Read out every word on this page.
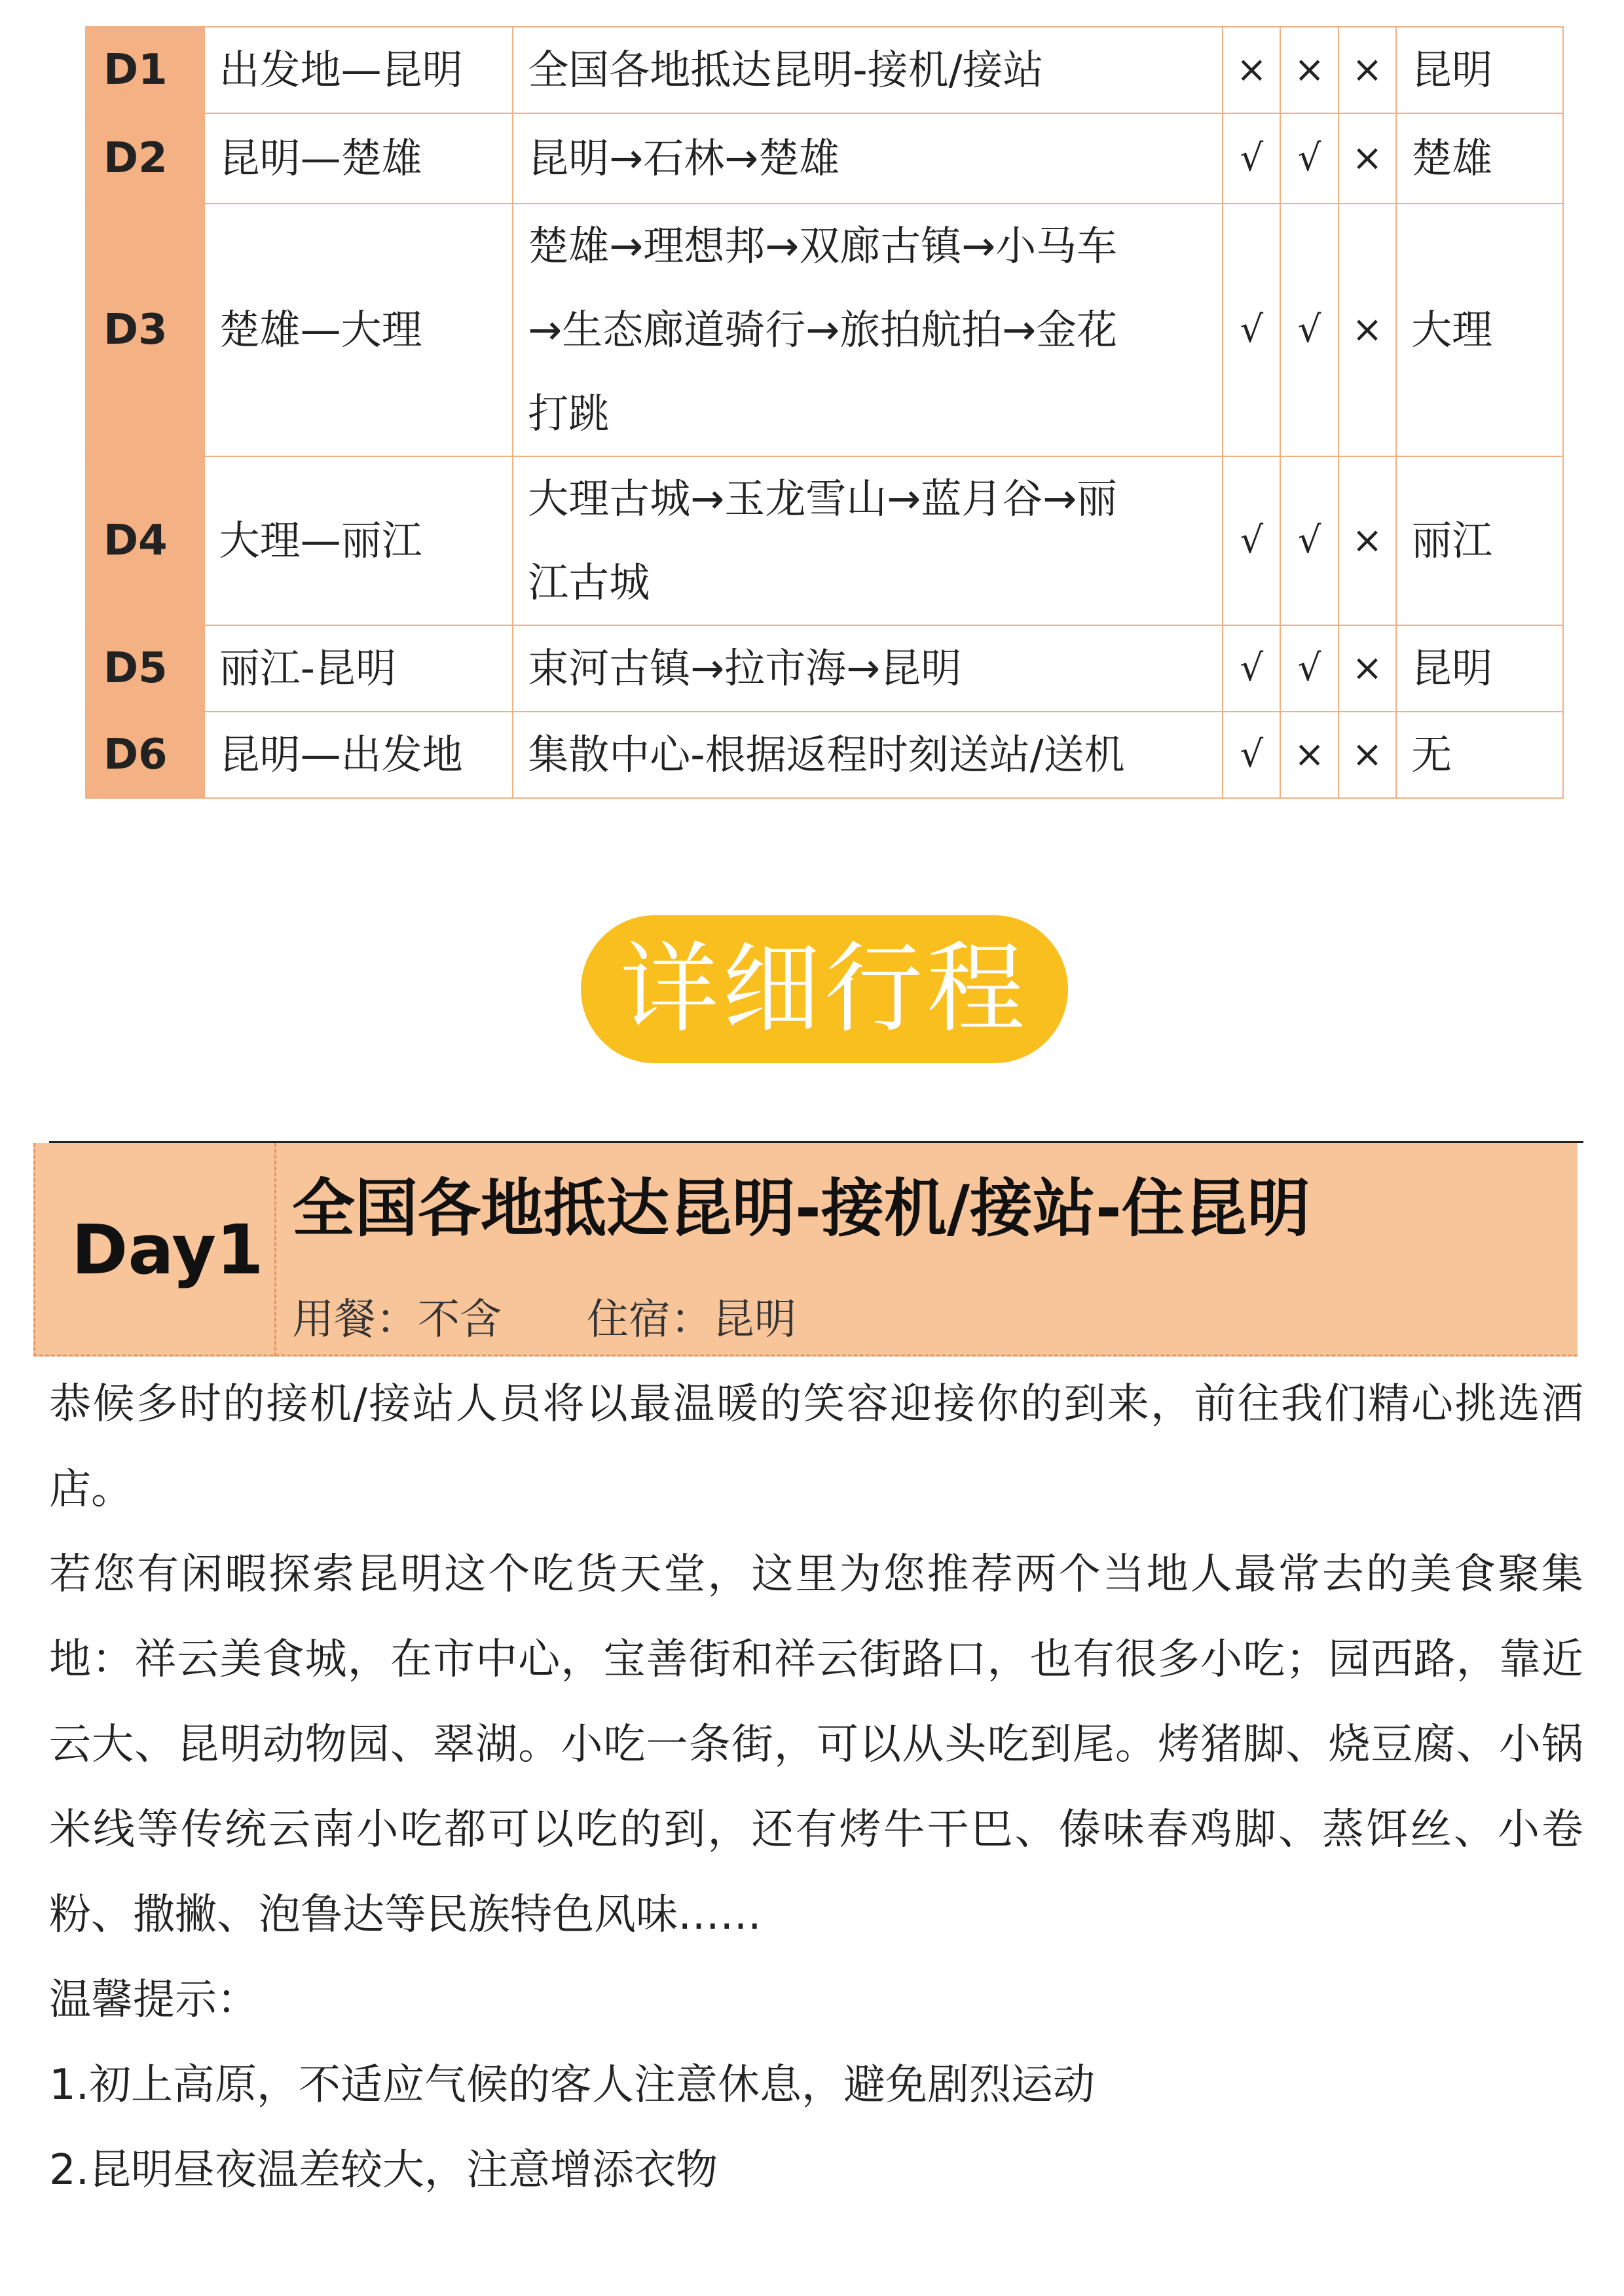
D1	出发地—昆明	全国各地抵达昆明-接机/接站	×	×	×	昆明
D2	昆明—楚雄	昆明→石林→楚雄	√	√	×	楚雄
D3	楚雄—大理	楚雄→理想邦→双廊古镇→小马车
→生态廊道骑行→旅拍航拍→金花
打跳	√	√	×	大理
D4	大理—丽江	大理古城→玉龙雪山→蓝月谷→丽
江古城	√	√	×	丽江
D5	丽江-昆明	束河古镇→拉市海→昆明	√	√	×	昆明
D6	昆明—出发地	集散中心-根据返程时刻送站/送机	√	×	×	无
详细行程
Day1
全国各地抵达昆明-接机/接站-住昆明
用餐：不含 住宿：昆明

恭候多时的接机/接站人员将以最温暖的笑容迎接你的到来，前往我们精心挑选酒店。

若您有闲暇探索昆明这个吃货天堂，这里为您推荐两个当地人最常去的美食聚集地：祥云美食城，在市中心，宝善街和祥云街路口，也有很多小吃；园西路，靠近云大、昆明动物园、翠湖。小吃一条街，可以从头吃到尾。烤猪脚、烧豆腐、小锅米线等传统云南小吃都可以吃的到，还有烤牛干巴、傣味春鸡脚、蒸饵丝、小卷粉、撒撇、泡鲁达等民族特色风味……

温馨提示：

1.初上高原，不适应气候的客人注意休息，避免剧烈运动

2.昆明昼夜温差较大，注意增添衣物
